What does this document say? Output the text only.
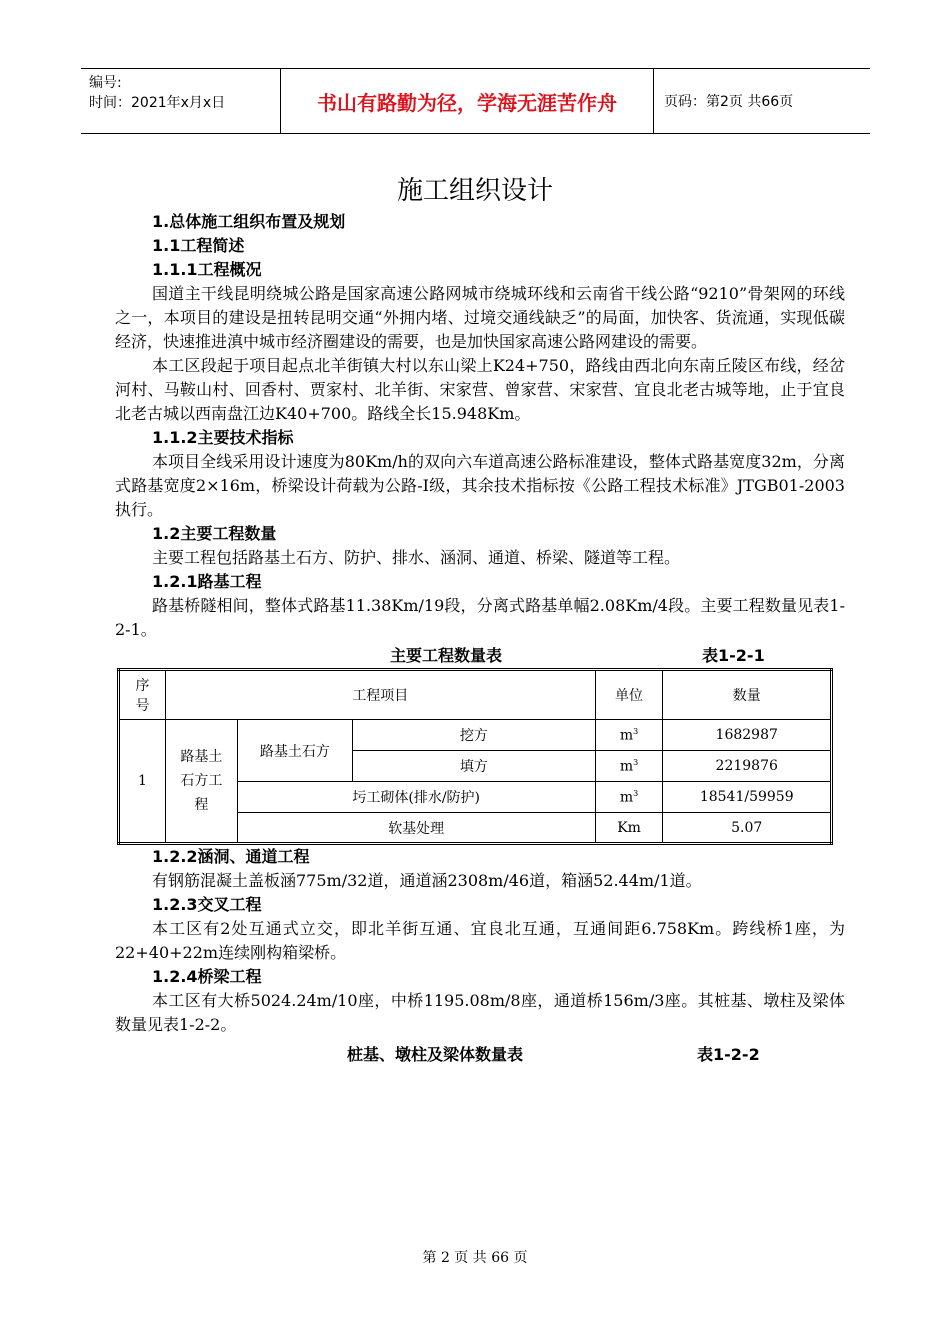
编号:
时间：2021年x月x日	书山有路勤为径，学海无涯苦作舟	页码：第2页 共66页
施工组织设计
1.总体施工组织布置及规划
1.1工程简述
1.1.1工程概况

国道主干线昆明绕城公路是国家高速公路网城市绕城环线和云南省干线公路“9210”骨架网的环线之一，本项目的建设是扭转昆明交通“外拥内堵、过境交通线缺乏”的局面，加快客、货流通，实现低碳经济，快速推进滇中城市经济圈建设的需要，也是加快国家高速公路网建设的需要。

本工区段起于项目起点北羊街镇大村以东山梁上K24+750，路线由西北向东南丘陵区布线，经岔河村、马鞍山村、回香村、贾家村、北羊街、宋家营、曾家营、宋家营、宜良北老古城等地，止于宜良北老古城以西南盘江边K40+700。路线全长15.948Km。

1.1.2主要技术指标

本项目全线采用设计速度为80Km/h的双向六车道高速公路标准建设，整体式路基宽度32m，分离式路基宽度2×16m，桥梁设计荷载为公路-I级，其余技术指标按《公路工程技术标准》JTGB01-2003执行。

1.2主要工程数量

主要工程包括路基土石方、防护、排水、涵洞、通道、桥梁、隧道等工程。

1.2.1路基工程

路基桥隧相间，整体式路基11.38Km/19段，分离式路基单幅2.08Km/4段。主要工程数量见表1-2-1。

主要工程数量表	表1-2-1
序号	工程项目			单位	数量
1	路基土石方工程	路基土石方	挖方	$m^3$	1682987
			填方	$m^3$	2219876
		圬工砌体(排水/防护)		$m^3$	18541/59959
		软基处理		Km	5.07
1.2.2涵洞、通道工程

有钢筋混凝土盖板涵775m/32道，通道涵2308m/46道，箱涵52.44m/1道。

1.2.3交叉工程

本工区有2处互通式立交，即北羊街互通、宜良北互通，互通间距6.758Km。跨线桥1座，为22+40+22m连续刚构箱梁桥。

1.2.4桥梁工程

本工区有大桥5024.24m/10座，中桥1195.08m/8座，通道桥156m/3座。其桩基、墩柱及梁体数量见表1-2-2。

桩基、墩柱及梁体数量表	表1-2-2
第 2 页 共 66 页
